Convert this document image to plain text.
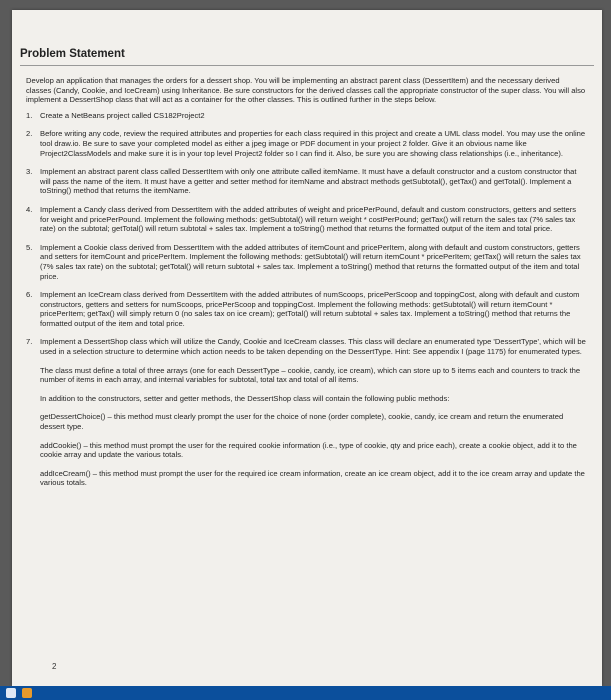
Problem Statement

Develop an application that manages the orders for a dessert shop. You will be implementing an abstract parent class (DessertItem) and the necessary derived classes (Candy, Cookie, and IceCream) using Inheritance. Be sure constructors for the derived classes call the appropriate constructor of the super class. You will also implement a DessertShop class that will act as a container for the other classes. This is outlined further in the steps below.

1.	Create a NetBeans project called CS182Project2

2.	Before writing any code, review the required attributes and properties for each class required in this project and create a UML class model. You may use the online tool draw.io. Be sure to save your completed model as either a jpeg image or PDF document in your project 2 folder. Give it an obvious name like Project2ClassModels and make sure it is in your top level Project2 folder so I can find it. Also, be sure you are showing class relationships (i.e., inheritance).

3.	Implement an abstract parent class called DessertItem with only one attribute called itemName. It must have a default constructor and a custom constructor that will pass the name of the item. It must have a getter and setter method for itemName and abstract methods getSubtotal(), getTax() and getTotal(). Implement a toString() method that returns the itemName.

4.	Implement a Candy class derived from DessertItem with the added attributes of weight and pricePerPound, default and custom constructors, getters and setters for weight and pricePerPound. Implement the following methods: getSubtotal() will return weight * costPerPound; getTax() will return the sales tax (7% sales tax rate) on the subtotal; getTotal() will return subtotal + sales tax. Implement a toString() method that returns the formatted output of the item and total price.

5.	Implement a Cookie class derived from DessertItem with the added attributes of itemCount and pricePerItem, along with default and custom constructors, getters and setters for itemCount and pricePerItem. Implement the following methods: getSubtotal() will return itemCount * pricePerItem; getTax() will return the sales tax (7% sales tax rate) on the subtotal; getTotal() will return subtotal + sales tax. Implement a toString() method that returns the formatted output of the item and total price.

6.	Implement an IceCream class derived from DessertItem with the added attributes of numScoops, pricePerScoop and toppingCost, along with default and custom constructors, getters and setters for numScoops, pricePerScoop and toppingCost. Implement the following methods: getSubtotal() will return itemCount * pricePerItem; getTax() will simply return 0 (no sales tax on ice cream); getTotal() will return subtotal + sales tax. Implement a toString() method that returns the formatted output of the item and total price.

7.	Implement a DessertShop class which will utilize the Candy, Cookie and IceCream classes. This class will declare an enumerated type 'DessertType', which will be used in a selection structure to determine which action needs to be taken depending on the DessertType. Hint: See appendix I (page 1175) for enumerated types.

The class must define a total of three arrays (one for each DessertType – cookie, candy, ice cream), which can store up to 5 items each and counters to track the number of items in each array, and internal variables for subtotal, total tax and total of all items.

In addition to the constructors, setter and getter methods, the DessertShop class will contain the following public methods:

getDessertChoice() – this method must clearly prompt the user for the choice of none (order complete), cookie, candy, ice cream and return the enumerated dessert type.

addCookie() – this method must prompt the user for the required cookie information (i.e., type of cookie, qty and price each), create a cookie object, add it to the cookie array and update the various totals.

addIceCream() – this method must prompt the user for the required ice cream information, create an ice cream object, add it to the ice cream array and update the various totals.

2
